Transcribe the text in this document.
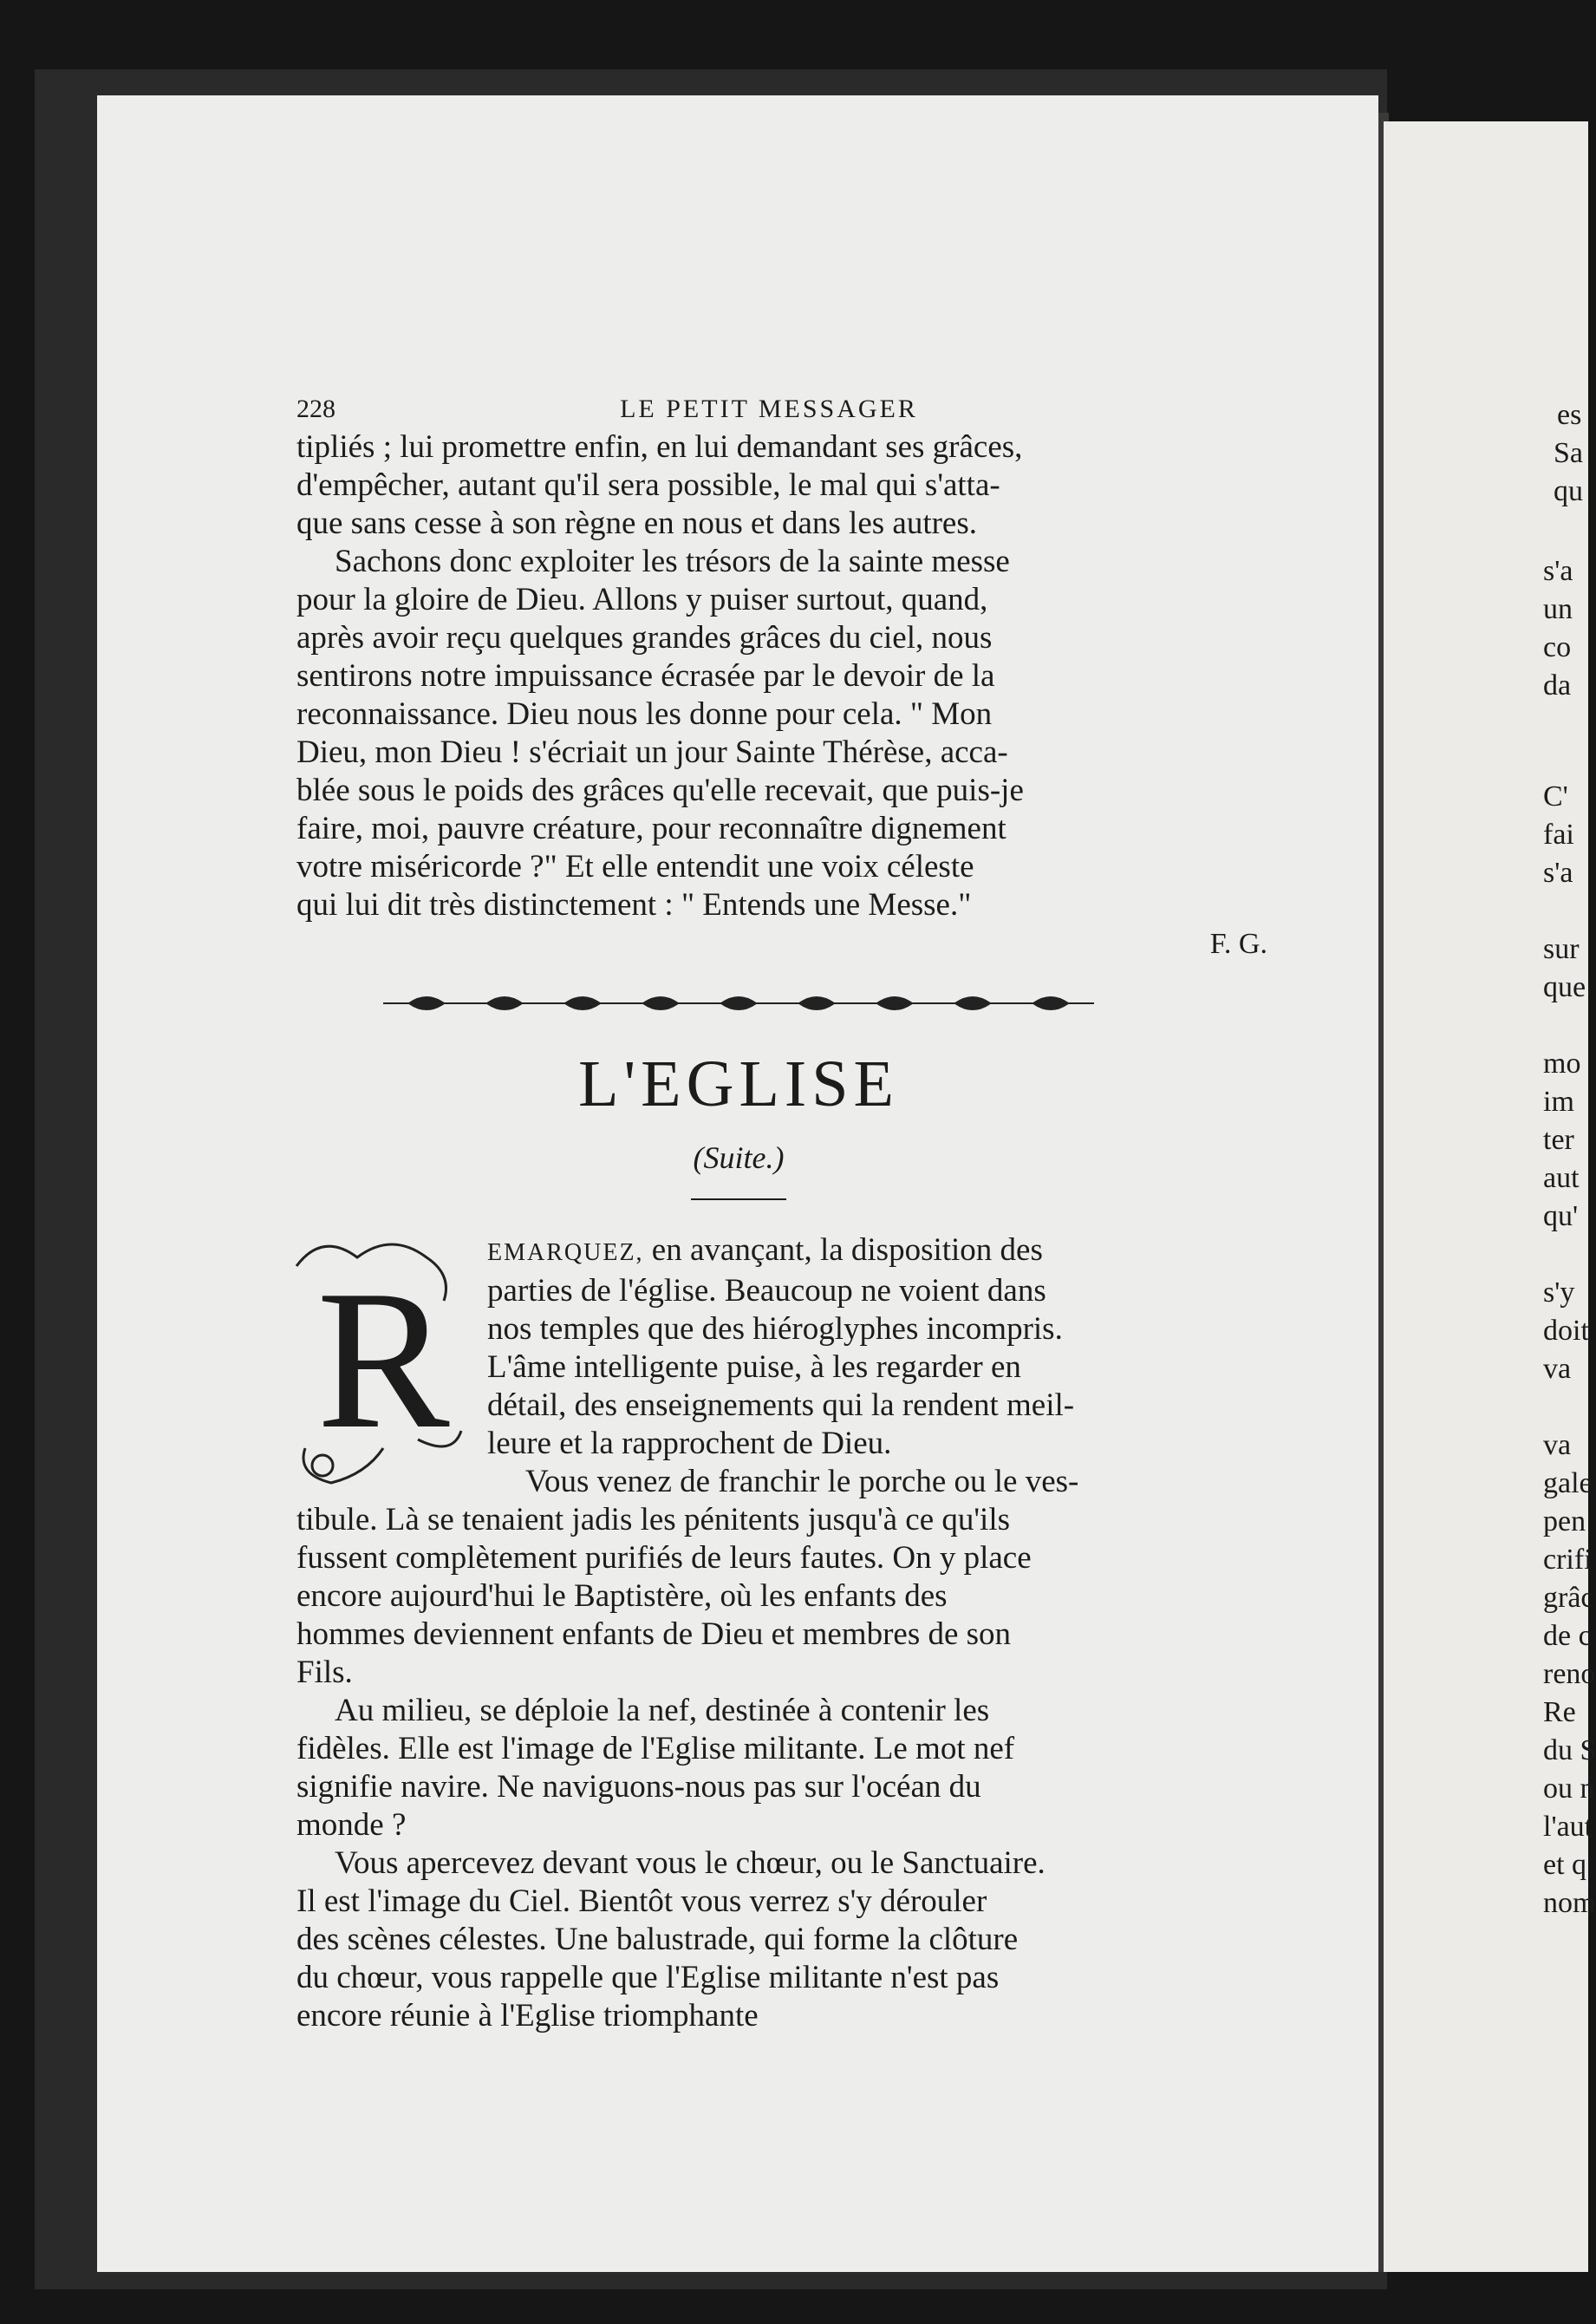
228	LE PETIT MESSAGER

tipliés ; lui promettre enfin, en lui demandant ses grâces,

d'empêcher, autant qu'il sera possible, le mal qui s'atta-

que sans cesse à son règne en nous et dans les autres.

Sachons donc exploiter les trésors de la sainte messe

pour la gloire de Dieu. Allons y puiser surtout, quand,

après avoir reçu quelques grandes grâces du ciel, nous

sentirons notre impuissance écrasée par le devoir de la

reconnaissance. Dieu nous les donne pour cela. " Mon

Dieu, mon Dieu ! s'écriait un jour Sainte Thérèse, acca-

blée sous le poids des grâces qu'elle recevait, que puis-je

faire, moi, pauvre créature, pour reconnaître dignement

votre miséricorde ?" Et elle entendit une voix céleste

qui lui dit très distinctement : " Entends une Messe."

F. G.

L'EGLISE
(Suite.)
R EMARQUEZ, en avançant, la disposition des

parties de l'église. Beaucoup ne voient dans

nos temples que des hiéroglyphes incompris.

L'âme intelligente puise, à les regarder en

détail, des enseignements qui la rendent meil-

leure et la rapprochent de Dieu.

Vous venez de franchir le porche ou le ves-

tibule. Là se tenaient jadis les pénitents jusqu'à ce qu'ils

fussent complètement purifiés de leurs fautes. On y place

encore aujourd'hui le Baptistère, où les enfants des

hommes deviennent enfants de Dieu et membres de son

Fils.

Au milieu, se déploie la nef, destinée à contenir les

fidèles. Elle est l'image de l'Eglise militante. Le mot nef

signifie navire. Ne naviguons-nous pas sur l'océan du

monde ?

Vous apercevez devant vous le chœur, ou le Sanctuaire.

Il est l'image du Ciel. Bientôt vous verrez s'y dérouler

des scènes célestes. Une balustrade, qui forme la clôture

du chœur, vous rappelle que l'Eglise militante n'est pas

encore réunie à l'Eglise triomphante

es
Sa
qu
s'a
un
co
da
C'
fai
s'a
sur
que
mo
im
ter
aut
qu'
s'y
doit
va
va
gale
pen
crifi
grâc
de c
reno
Re
du S
ou n
l'aut
et q
nom
